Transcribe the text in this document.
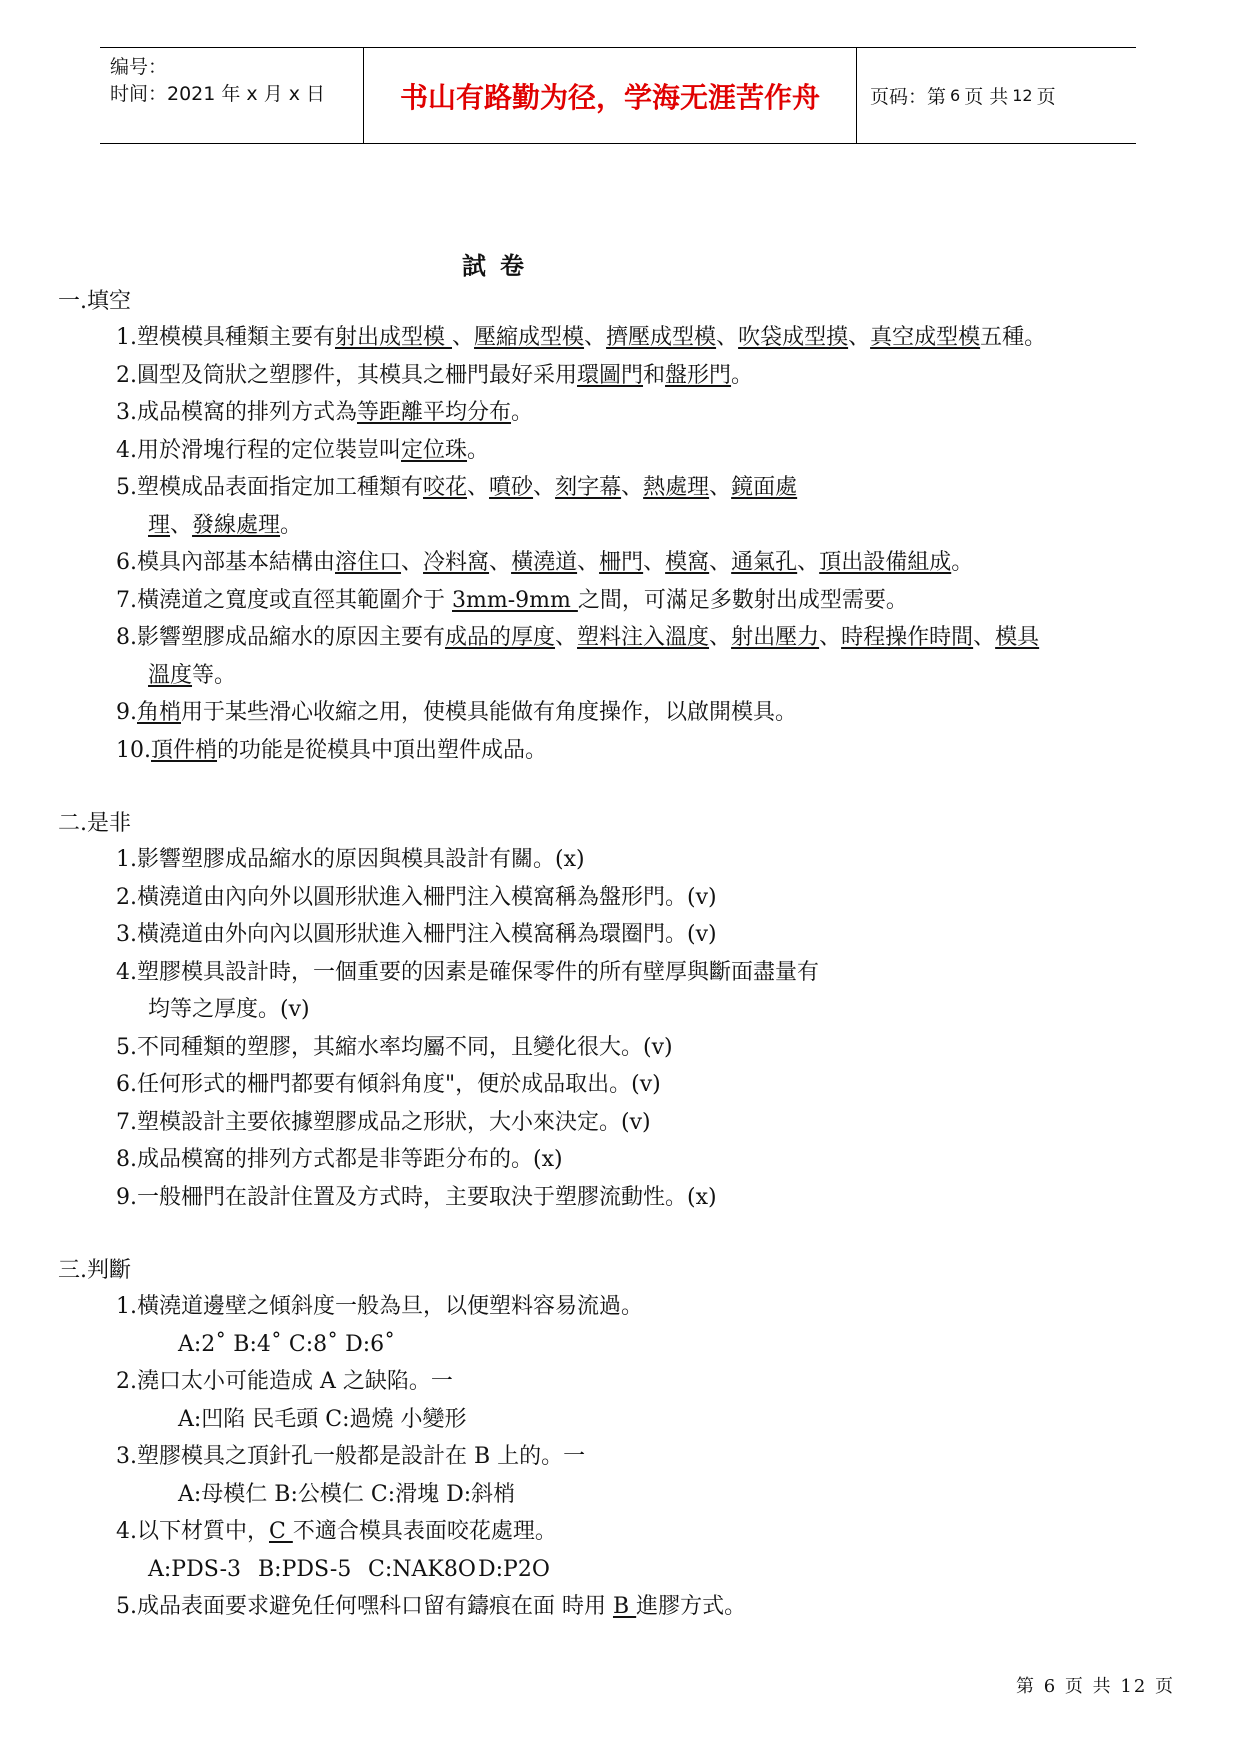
编号：
时间：2021 年 x 月 x 日	书山有路勤为径，学海无涯苦作舟	页码：第 6 页 共 12 页
試卷
一.填空
1.塑模模具種類主要有射出成型模 、壓縮成型模、擠壓成型模、吹袋成型摸、真空成型模五種。
2.圓型及筒狀之塑膠件，其模具之柵門最好采用環圖門和盤形門。
3.成品模窩的排列方式為等距離平均分布。
4.用於滑塊行程的定位裝豈叫定位珠。
5.塑模成品表面指定加工種類有咬花、噴砂、刻字幕、熱處理、鏡面處
理、發線處理。
6.模具內部基本結構由溶住口、冷料窩、橫澆道、柵門、模窩、通氣孔、頂出設備組成。
7.橫澆道之寬度或直徑其範圍介于 3mm-9mm 之間，可滿足多數射出成型需要。
8.影響塑膠成品縮水的原因主要有成品的厚度、塑料注入溫度、射出壓力、時程操作時間、模具
溫度等。
9.角梢用于某些滑心收縮之用，使模具能做有角度操作，以啟開模具。
10.頂件梢的功能是從模具中頂出塑件成品。
二.是非
1.影響塑膠成品縮水的原因與模具設計有關。(x)
2.橫澆道由內向外以圓形狀進入柵門注入模窩稱為盤形門。(v)
3.橫澆道由外向內以圓形狀進入柵門注入模窩稱為環圈門。(v)
4.塑膠模具設計時，一個重要的因素是確保零件的所有壁厚與斷面盡量有
均等之厚度。(v)
5.不同種類的塑膠，其縮水率均屬不同，且變化很大。(v)
6.任何形式的柵門都要有傾斜角度"，便於成品取出。(v)
7.塑模設計主要依據塑膠成品之形狀，大小來決定。(v)
8.成品模窩的排列方式都是非等距分布的。(x)
9.一般柵門在設計住置及方式時，主要取決于塑膠流動性。(x)
三.判斷
1.橫澆道邊壁之傾斜度一般為旦，以便塑料容易流過。
A:2˚ B:4˚ C:8˚ D:6˚
2.澆口太小可能造成 A 之缺陷。一
A:凹陷 民毛頭 C:過燒 小變形
3.塑膠模具之頂針孔一般都是設計在 B 上的。一
A:母模仁 B:公模仁 C:滑塊 D:斜梢
4.以下材質中，C 不適合模具表面咬花處理。
A:PDS-3 B:PDS-5 C:NAK8OD:P2O
5.成品表面要求避免任何嘿科口留有鑄痕在面 時用 B 進膠方式。
第 6 页 共 12 页
